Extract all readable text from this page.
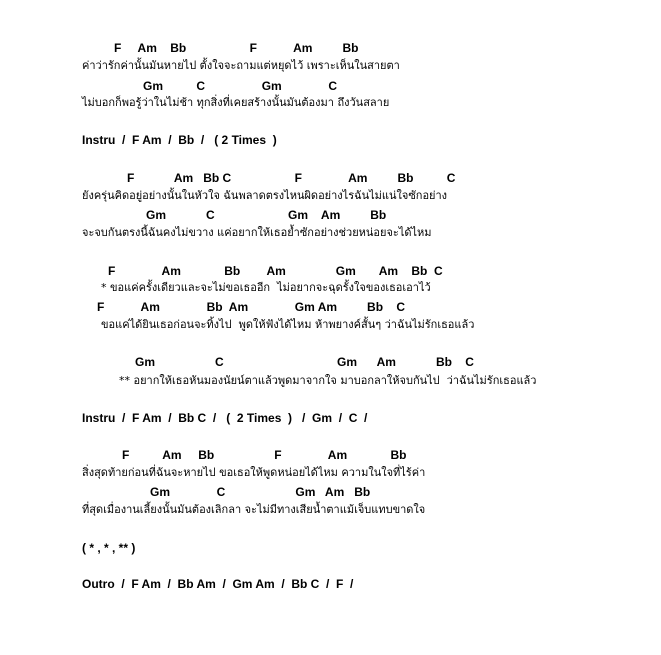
F     Am    Bb                   F           Am         Bb
ค่าว่ารักค่านั้นมันหายไป ตั้งใจจะถามแต่หยุดไว้ เพราะเห็นในสายตา
Gm          C                 Gm              C
ไม่บอกก็พอรู้ว่าในไม่ช้า ทุกสิ่งที่เคยสร้างนั้นมันต้องมา ถึงวันสลาย
Instru  /  F Am  /  Bb  /   ( 2 Times  )
F            Am   Bb C                   F              Am         Bb          C
ยังครุ่นคิดอยู่อย่างนั้นในหัวใจ ฉันพลาดตรงไหนผิดอย่างไรฉันไม่แน่ใจซักอย่าง
Gm            C                      Gm    Am         Bb
จะจบกันตรงนี้ฉันคงไม่ขวาง แค่อยากให้เธอย้ำซักอย่างช่วยหน่อยจะได้ไหม
F              Am             Bb        Am               Gm       Am    Bb  C
* ขอแค่ครั้งเดียวและจะไม่ขอเธออีก  ไม่อยากจะฉุดรั้งใจของเธอเอาไว้
F           Am              Bb  Am              Gm Am         Bb    C
ขอแค่ได้ยินเธอก่อนจะทิ้งไป  พูดให้ฟังได้ไหม ห้าพยางค์สั้นๆ ว่าฉันไม่รักเธอแล้ว
Gm                  C                                  Gm      Am            Bb    C
** อยากให้เธอหันมองนัยน์ตาแล้วพูดมาจากใจ มาบอกลาให้จบกันไป  ว่าฉันไม่รักเธอแล้ว
Instru  /  F Am  /  Bb C  /   (  2 Times  )   /  Gm  /  C  /
F          Am     Bb                  F              Am             Bb
สิ่งสุดท้ายก่อนที่ฉันจะหายไป ขอเธอให้พูดหน่อยได้ไหม ความในใจที่ไร้ค่า
Gm              C                     Gm   Am   Bb
ที่สุดเมื่องานเลี้ยงนั้นมันต้องเลิกลา จะไม่มีทางเสียน้ำตาแม้เจ็บแทบขาดใจ
( * , * , ** )
Outro  /  F Am  /  Bb Am  /  Gm Am  /  Bb C  /  F  /
